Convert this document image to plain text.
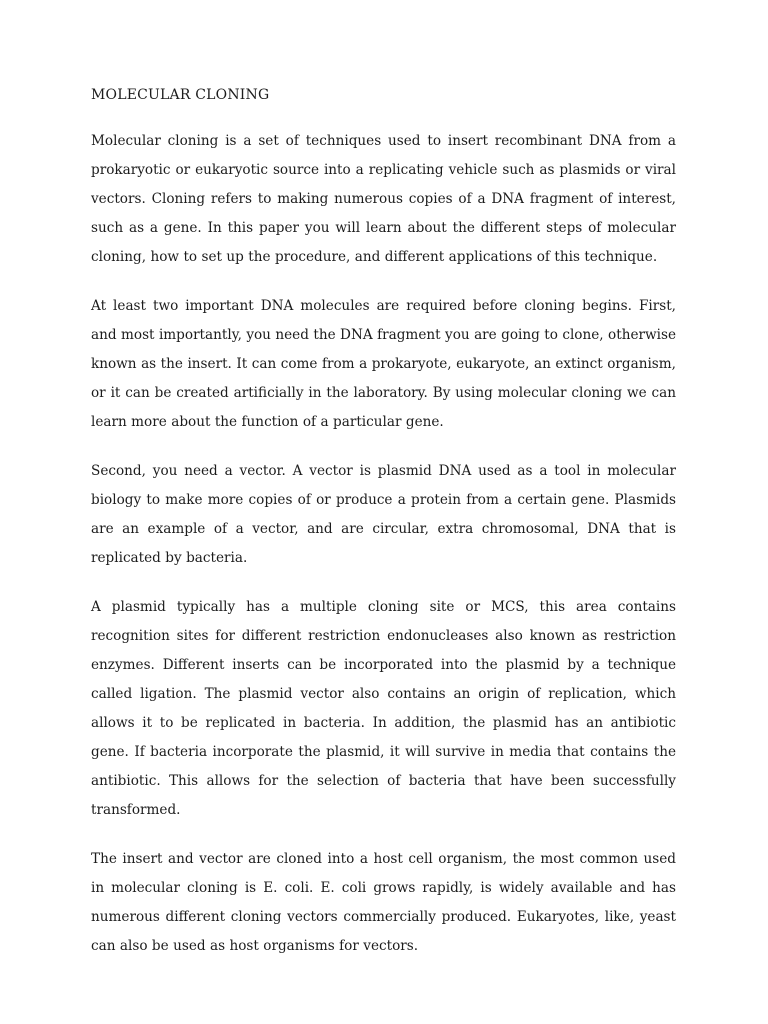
MOLECULAR CLONING

Molecular cloning is a set of techniques used to insert recombinant DNA from a prokaryotic or eukaryotic source into a replicating vehicle such as plasmids or viral vectors. Cloning refers to making numerous copies of a DNA fragment of interest, such as a gene. In this paper you will learn about the different steps of molecular cloning, how to set up the procedure, and different applications of this technique.

At least two important DNA molecules are required before cloning begins. First, and most importantly, you need the DNA fragment you are going to clone, otherwise known as the insert. It can come from a prokaryote, eukaryote, an extinct organism, or it can be created artificially in the laboratory. By using molecular cloning we can learn more about the function of a particular gene.

Second, you need a vector. A vector is plasmid DNA used as a tool in molecular biology to make more copies of or produce a protein from a certain gene. Plasmids are an example of a vector, and are circular, extra chromosomal, DNA that is replicated by bacteria.

A plasmid typically has a multiple cloning site or MCS, this area contains recognition sites for different restriction endonucleases also known as restriction enzymes. Different inserts can be incorporated into the plasmid by a technique called ligation. The plasmid vector also contains an origin of replication, which allows it to be replicated in bacteria. In addition, the plasmid has an antibiotic gene. If bacteria incorporate the plasmid, it will survive in media that contains the antibiotic. This allows for the selection of bacteria that have been successfully transformed.

The insert and vector are cloned into a host cell organism, the most common used in molecular cloning is E. coli. E. coli grows rapidly, is widely available and has numerous different cloning vectors commercially produced. Eukaryotes, like, yeast can also be used as host organisms for vectors.
